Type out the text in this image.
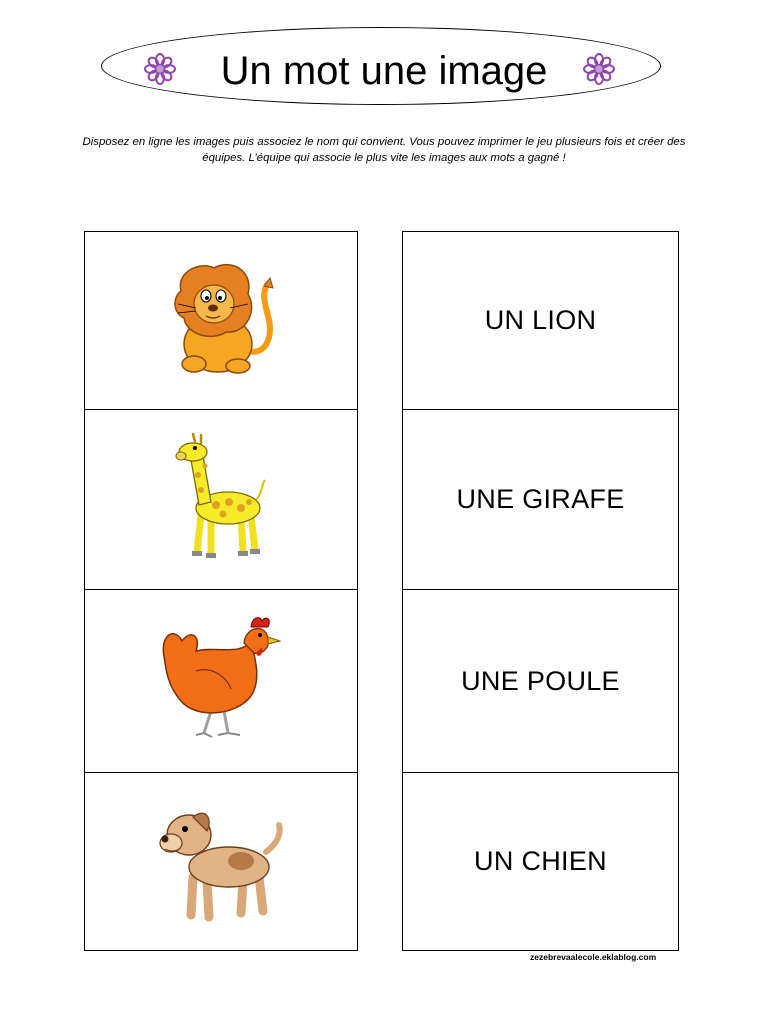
Un mot une image
Disposez en ligne les images puis associez le nom qui convient. Vous pouvez imprimer le jeu plusieurs fois et créer des équipes. L’équipe qui associe le plus vite les images aux mots a gagné !
UN LION
UNE GIRAFE
UNE POULE
UN CHIEN
zezebrevaalecole.eklablog.com
